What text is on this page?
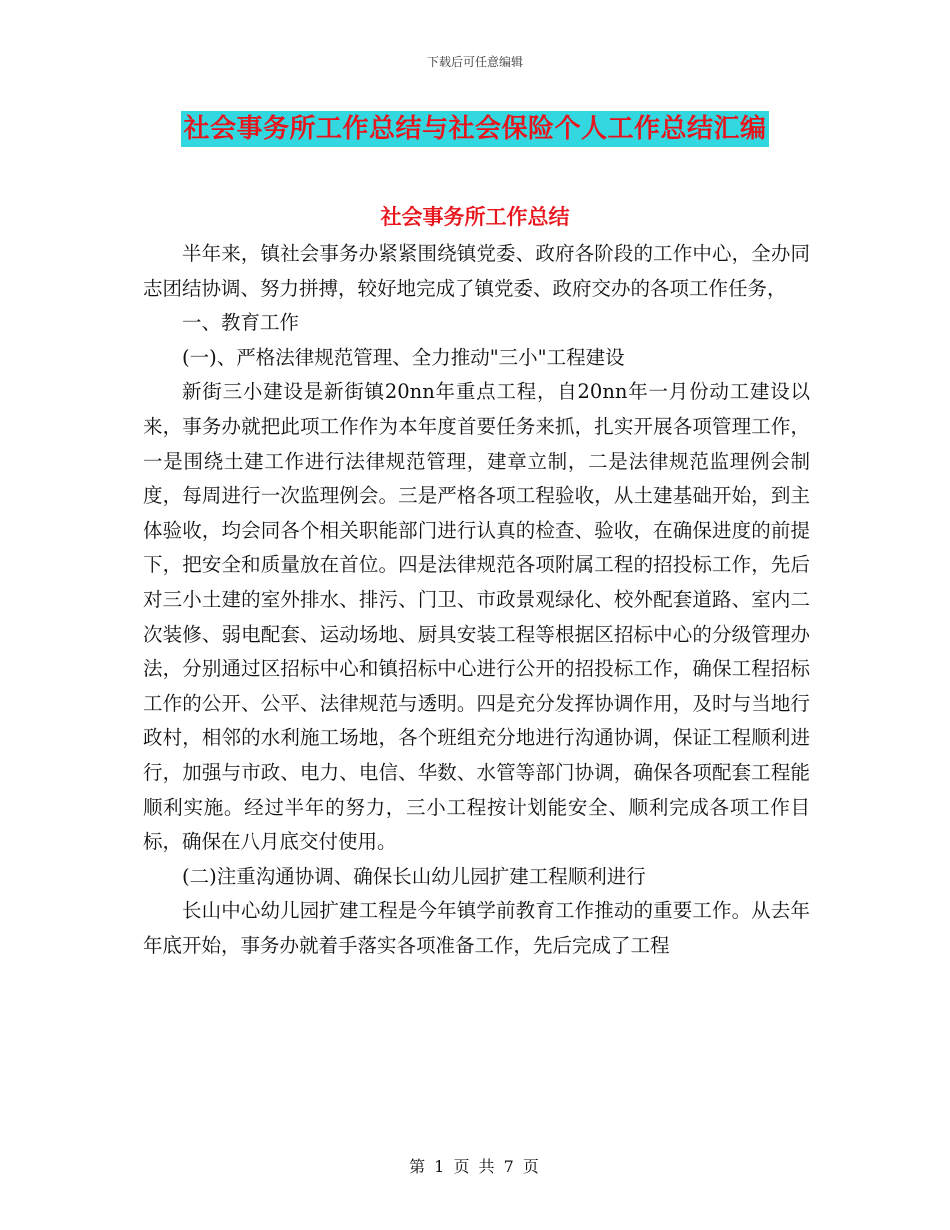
下载后可任意编辑
社会事务所工作总结与社会保险个人工作总结汇编
社会事务所工作总结

半年来，镇社会事务办紧紧围绕镇党委、政府各阶段的工作中心，全办同志团结协调、努力拼搏，较好地完成了镇党委、政府交办的各项工作任务，

一、教育工作

(一)、严格法律规范管理、全力推动"三小"工程建设

新街三小建设是新街镇20nn年重点工程，自20nn年一月份动工建设以来，事务办就把此项工作作为本年度首要任务来抓，扎实开展各项管理工作，一是围绕土建工作进行法律规范管理，建章立制，二是法律规范监理例会制度，每周进行一次监理例会。三是严格各项工程验收，从土建基础开始，到主体验收，均会同各个相关职能部门进行认真的检查、验收，在确保进度的前提下，把安全和质量放在首位。四是法律规范各项附属工程的招投标工作，先后对三小土建的室外排水、排污、门卫、市政景观绿化、校外配套道路、室内二次装修、弱电配套、运动场地、厨具安装工程等根据区招标中心的分级管理办法，分别通过区招标中心和镇招标中心进行公开的招投标工作，确保工程招标工作的公开、公平、法律规范与透明。四是充分发挥协调作用，及时与当地行政村，相邻的水利施工场地，各个班组充分地进行沟通协调，保证工程顺利进行，加强与市政、电力、电信、华数、水管等部门协调，确保各项配套工程能顺利实施。经过半年的努力，三小工程按计划能安全、顺利完成各项工作目标，确保在八月底交付使用。

(二)注重沟通协调、确保长山幼儿园扩建工程顺利进行

长山中心幼儿园扩建工程是今年镇学前教育工作推动的重要工作。从去年年底开始，事务办就着手落实各项准备工作，先后完成了工程

第 1 页 共 7 页
